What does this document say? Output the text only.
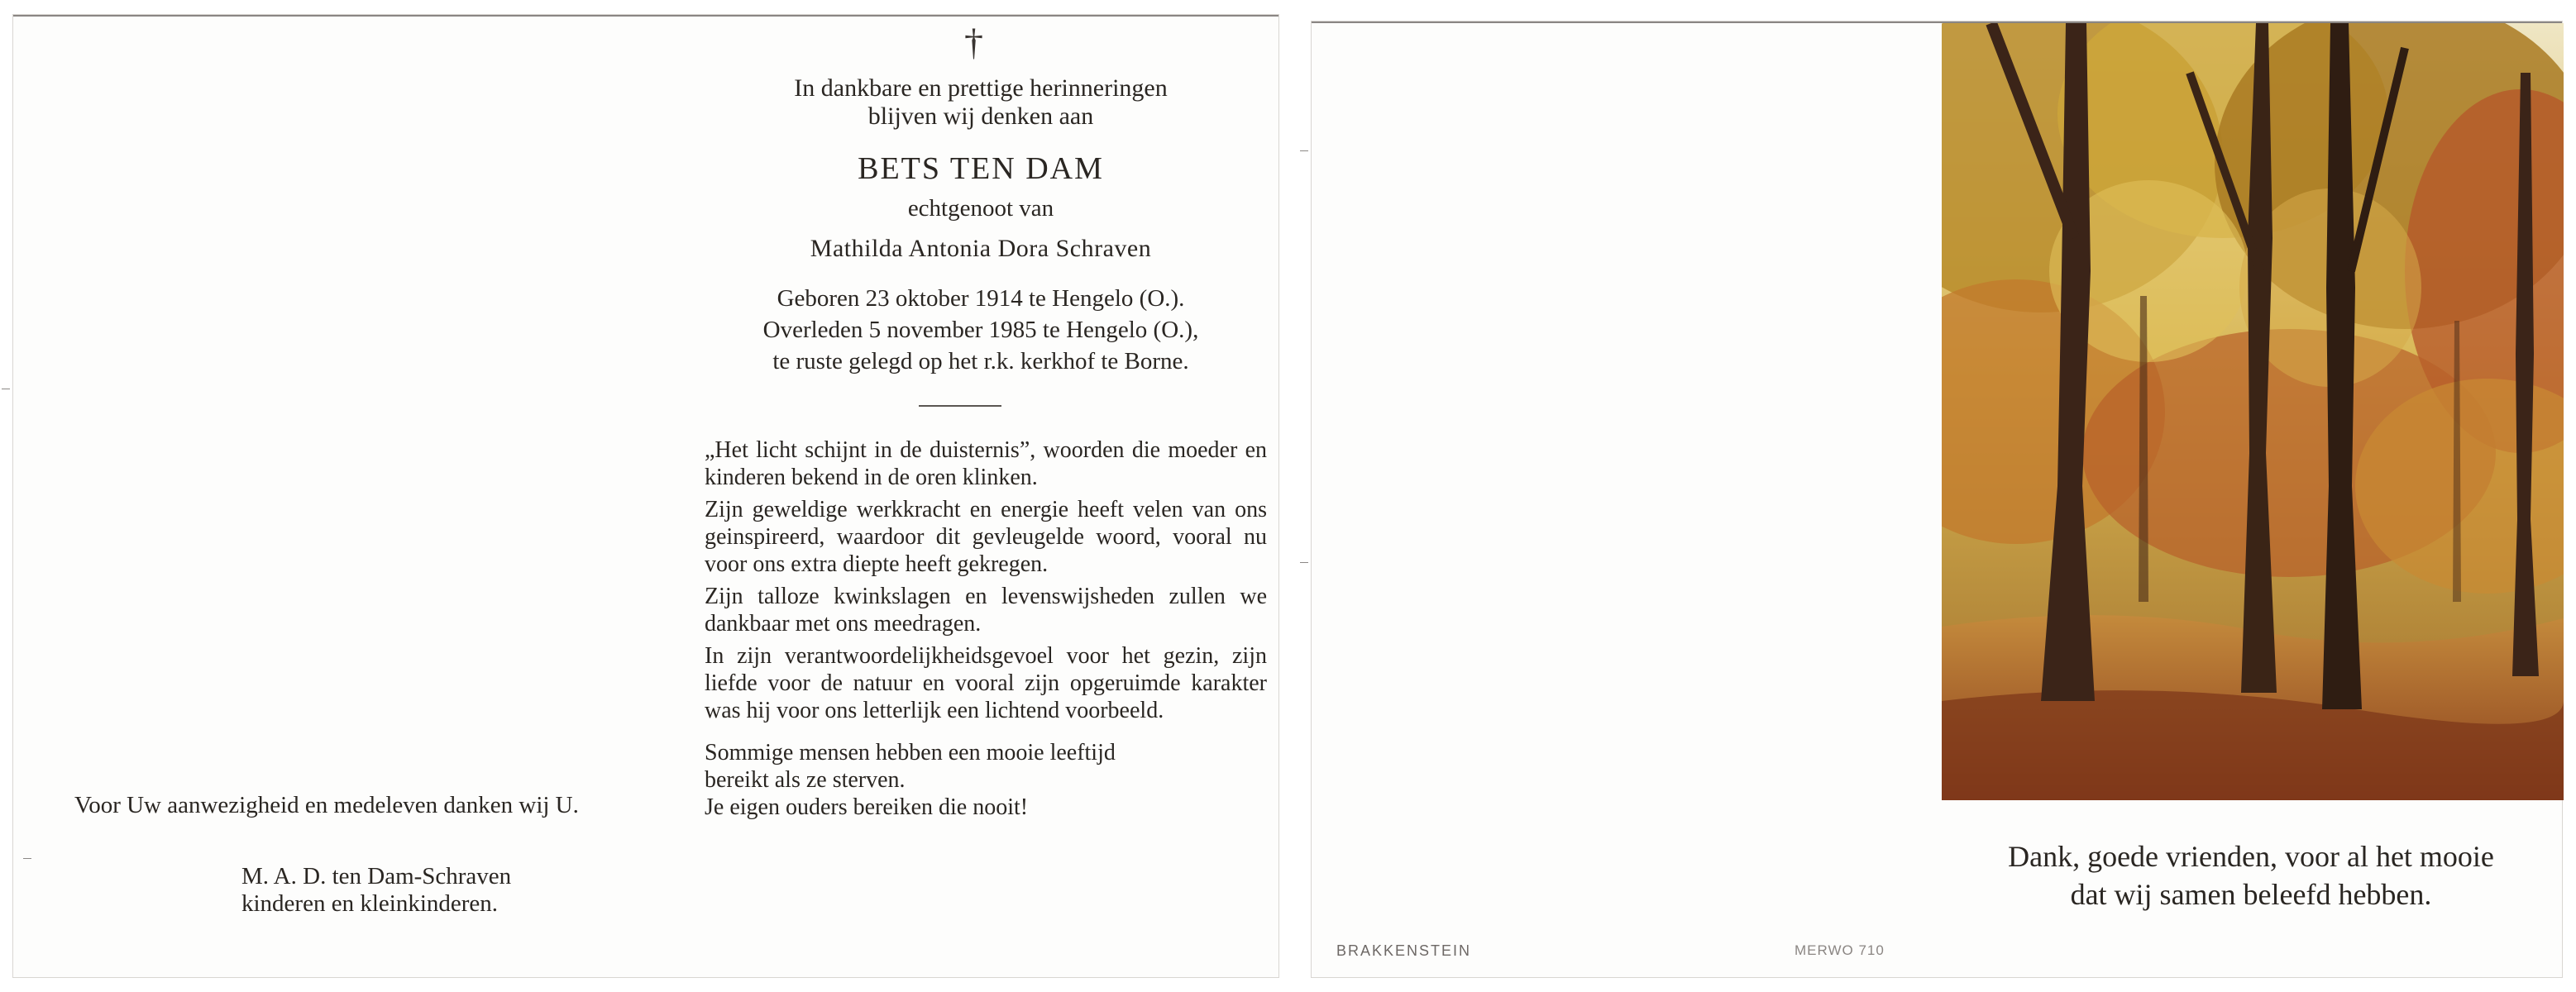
†
In dankbare en prettige herinneringen
blijven wij denken aan
BETS TEN DAM
echtgenoot van
Mathilda Antonia Dora Schraven
Geboren 23 oktober 1914 te Hengelo (O.).
Overleden 5 november 1985 te Hengelo (O.),
te ruste gelegd op het r.k. kerkhof te Borne.

„Het licht schijnt in de duisternis”, woorden die moeder en kinderen bekend in de oren klinken.

Zijn geweldige werkkracht en energie heeft velen van ons geinspireerd, waardoor dit gevleugelde woord, vooral nu voor ons extra diepte heeft gekregen.

Zijn talloze kwinkslagen en levenswijsheden zullen we dankbaar met ons meedragen.

In zijn verantwoordelijkheidsgevoel voor het gezin, zijn liefde voor de natuur en vooral zijn opgeruimde karakter was hij voor ons letterlijk een lichtend voorbeeld.

Sommige mensen hebben een mooie leeftijd
bereikt als ze sterven.
Je eigen ouders bereiken die nooit!

Voor Uw aanwezigheid en medeleven danken wij U.
M. A. D. ten Dam-Schraven
kinderen en kleinkinderen.
Dank, goede vrienden, voor al het mooie
dat wij samen beleefd hebben.
BRAKKENSTEIN	MERWO 710
